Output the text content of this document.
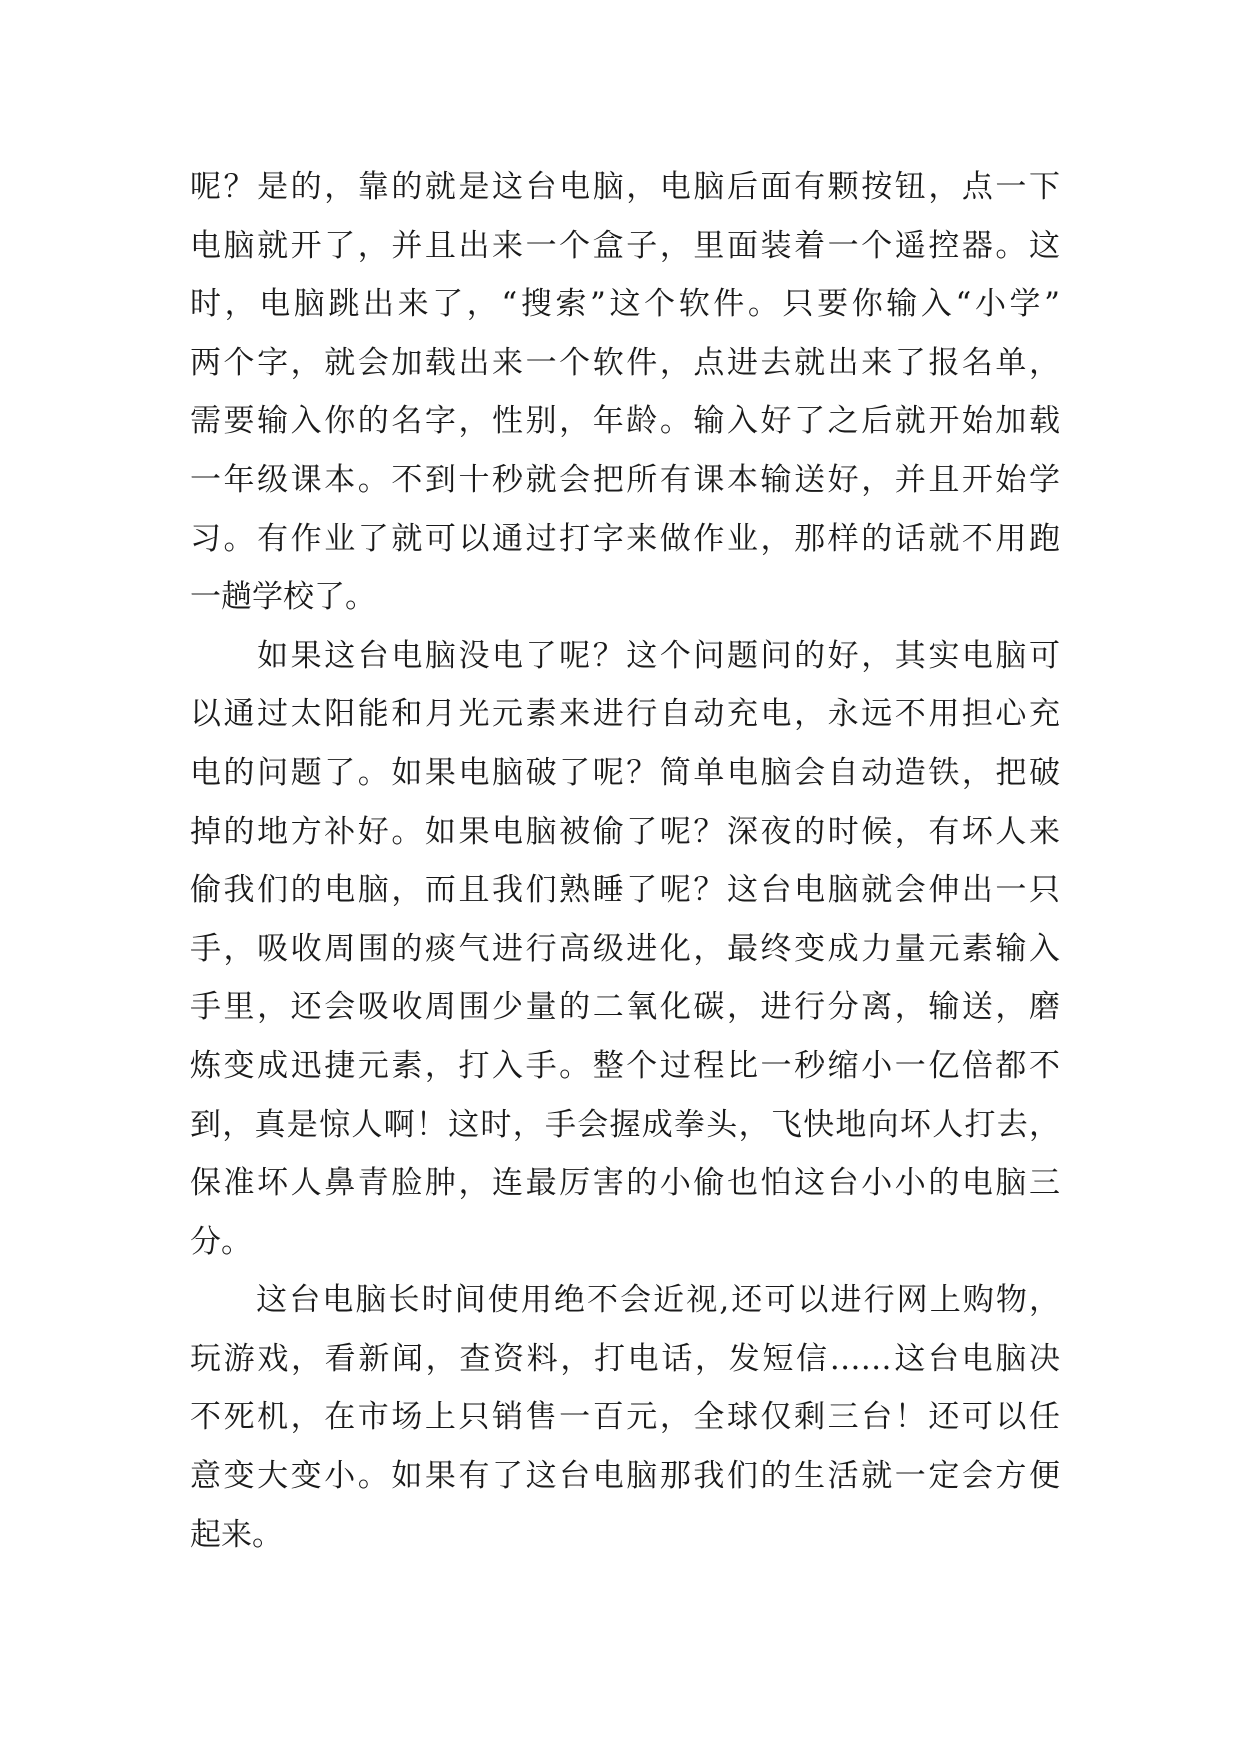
呢？是的，靠的就是这台电脑，电脑后面有颗按钮，点一下
电脑就开了，并且出来一个盒子，里面装着一个遥控器。这
时，电脑跳出来了，“搜索”这个软件。只要你输入“小学”
两个字，就会加载出来一个软件，点进去就出来了报名单，
需要输入你的名字，性别，年龄。输入好了之后就开始加载
一年级课本。不到十秒就会把所有课本输送好，并且开始学
习。有作业了就可以通过打字来做作业，那样的话就不用跑
一趟学校了。
　　如果这台电脑没电了呢？这个问题问的好，其实电脑可
以通过太阳能和月光元素来进行自动充电，永远不用担心充
电的问题了。如果电脑破了呢？简单电脑会自动造铁，把破
掉的地方补好。如果电脑被偷了呢？深夜的时候，有坏人来
偷我们的电脑，而且我们熟睡了呢？这台电脑就会伸出一只
手，吸收周围的痰气进行高级进化，最终变成力量元素输入
手里，还会吸收周围少量的二氧化碳，进行分离，输送，磨
炼变成迅捷元素，打入手。整个过程比一秒缩小一亿倍都不
到，真是惊人啊！这时，手会握成拳头，飞快地向坏人打去，
保准坏人鼻青脸肿，连最厉害的小偷也怕这台小小的电脑三
分。
　　这台电脑长时间使用绝不会近视,还可以进行网上购物，
玩游戏，看新闻，查资料，打电话，发短信……这台电脑决
不死机，在市场上只销售一百元，全球仅剩三台！还可以任
意变大变小。如果有了这台电脑那我们的生活就一定会方便
起来。
